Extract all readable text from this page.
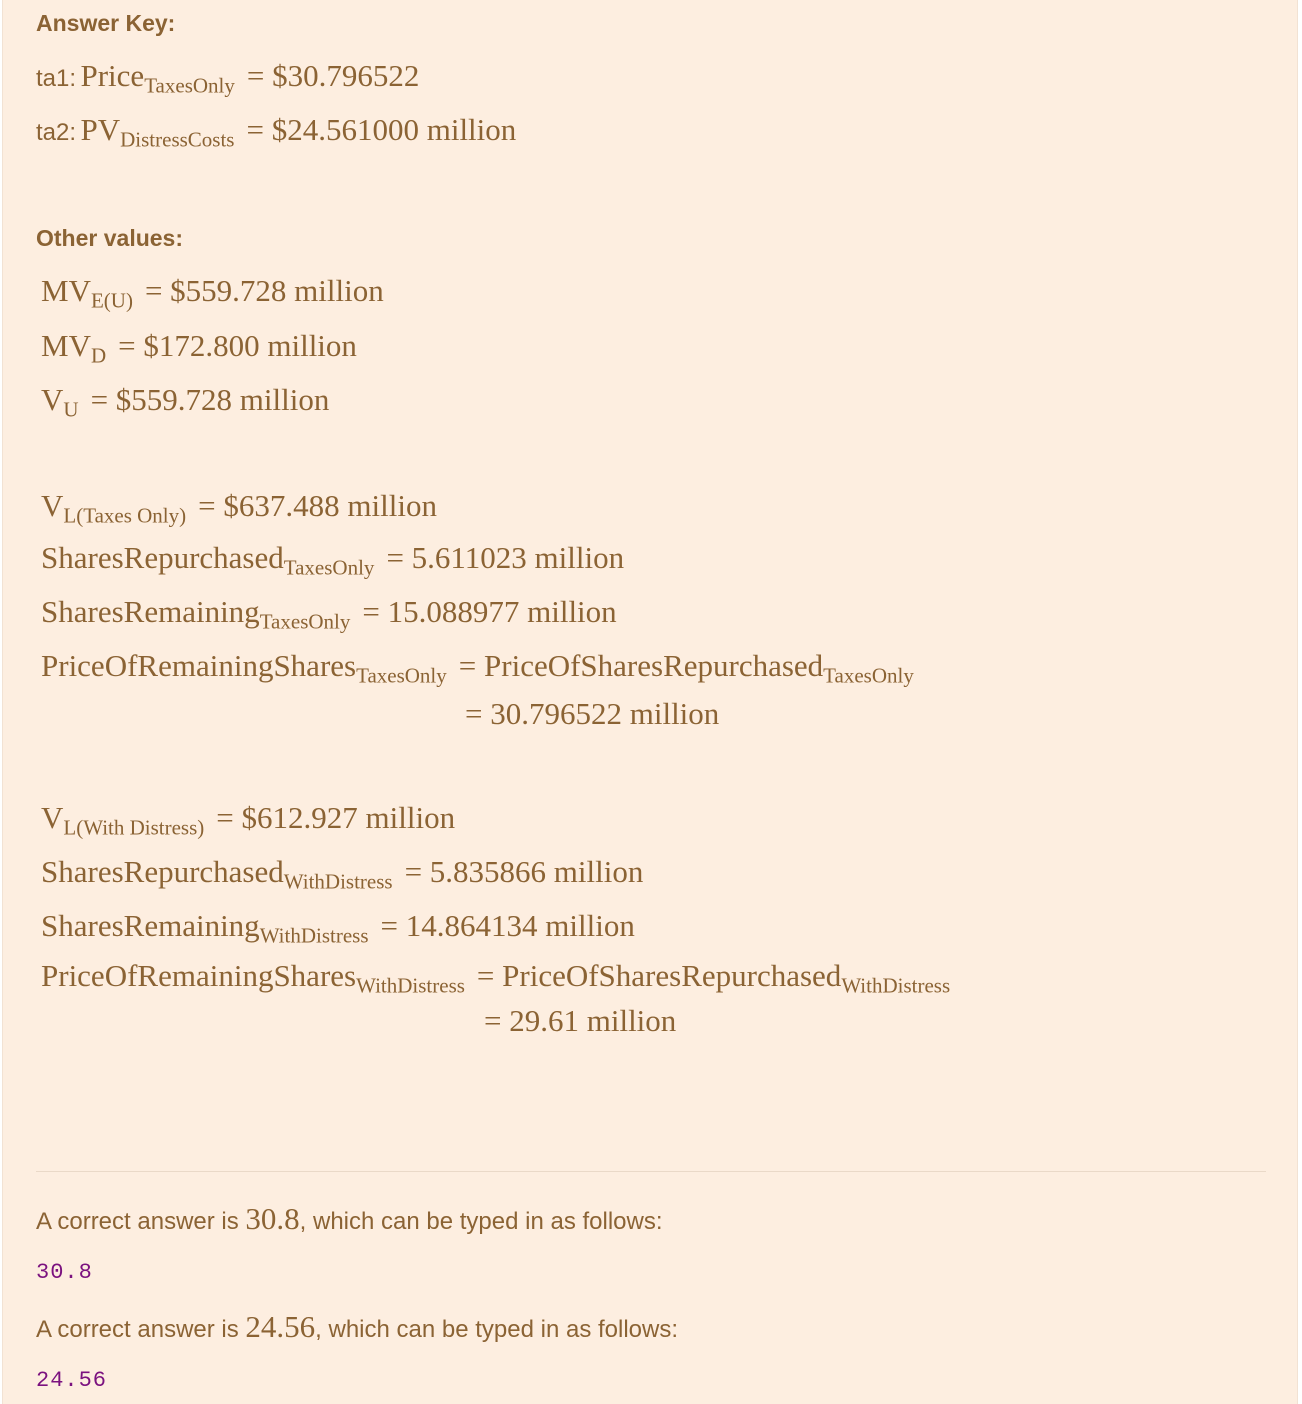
Answer Key:
ta1: Price$_{TaxesOnly}$ = $30.796522
ta2: $PV_{DistressCosts}$ = $24.561000 million
Other values:
$MV_{E(U)}$ = $559.728 million
$MV_D$ = $172.800 million
$V_U$ = $559.728 million
$V_{L(Taxes Only)}$ = $637.488 million
SharesRepurchased$_{TaxesOnly}$ = 5.611023 million
SharesRemaining$_{TaxesOnly}$ = 15.088977 million
PriceOfRemainingShares$_{TaxesOnly}$ = PriceOfSharesRepurchased$_{TaxesOnly}$
= 30.796522 million
$V_{L(With Distress)}$ = $612.927 million
SharesRepurchased$_{WithDistress}$ = 5.835866 million
SharesRemaining$_{WithDistress}$ = 14.864134 million
PriceOfRemainingShares$_{WithDistress}$ = PriceOfSharesRepurchased$_{WithDistress}$
= 29.61 million
A correct answer is 30.8, which can be typed in as follows:
30.8
A correct answer is 24.56, which can be typed in as follows:
24.56
